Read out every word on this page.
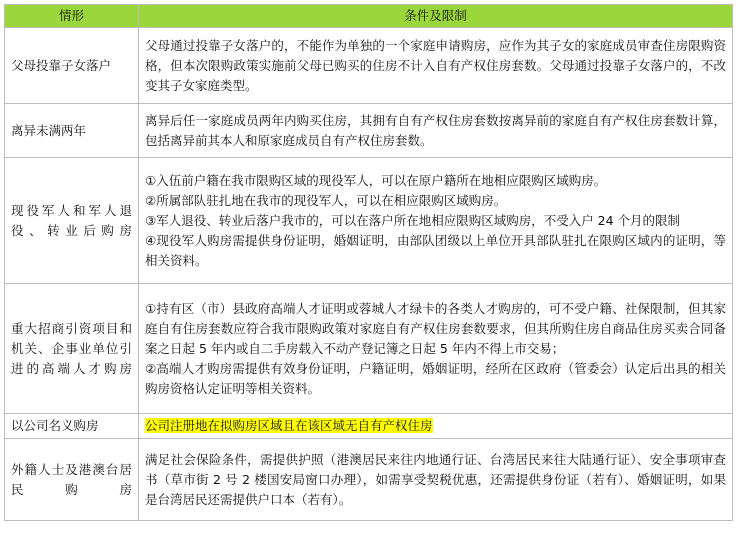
情形	条件及限制
父母投靠子女落户	父母通过投靠子女落户的，不能作为单独的一个家庭申请购房，应作为其子女的家庭成员审查住房限购资格，但本次限购政策实施前父母已购买的住房不计入自有产权住房套数。父母通过投靠子女落户的，不改变其子女家庭类型。

离异未满两年	离异后任一家庭成员两年内购买住房，其拥有自有产权住房套数按离异前的家庭自有产权住房套数计算，包括离异前其本人和原家庭成员自有产权住房套数。

现役军人和军人退役、转业后购房	①入伍前户籍在我市限购区域的现役军人，可以在原户籍所在地相应限购区域购房。
②所属部队驻扎地在我市的现役军人，可以在相应限购区域购房。
③军人退役、转业后落户我市的，可以在落户所在地相应限购区域购房，不受入户 24 个月的限制
④现役军人购房需提供身份证明，婚姻证明，由部队团级以上单位开具部队驻扎在限购区域内的证明，等相关资料。

重大招商引资项目和机关、企事业单位引进的高端人才购房	①持有区（市）县政府高端人才证明或蓉城人才绿卡的各类人才购房的，可不受户籍、社保限制，但其家庭自有住房套数应符合我市限购政策对家庭自有产权住房套数要求，但其所购住房自商品住房买卖合同备案之日起 5 年内或自二手房载入不动产登记簿之日起 5 年内不得上市交易；
②高端人才购房需提供有效身份证明，户籍证明，婚姻证明，经所在区政府（管委会）认定后出具的相关购房资格认定证明等相关资料。

以公司名义购房	公司注册地在拟购房区域且在该区域无自有产权住房

外籍人士及港澳台居民购房	满足社会保险条件，需提供护照（港澳居民来往内地通行证、台湾居民来往大陆通行证）、安全事项审查书（草市街 2 号 2 楼国安局窗口办理），如需享受契税优惠，还需提供身份证（若有）、婚姻证明，如果是台湾居民还需提供户口本（若有）。
